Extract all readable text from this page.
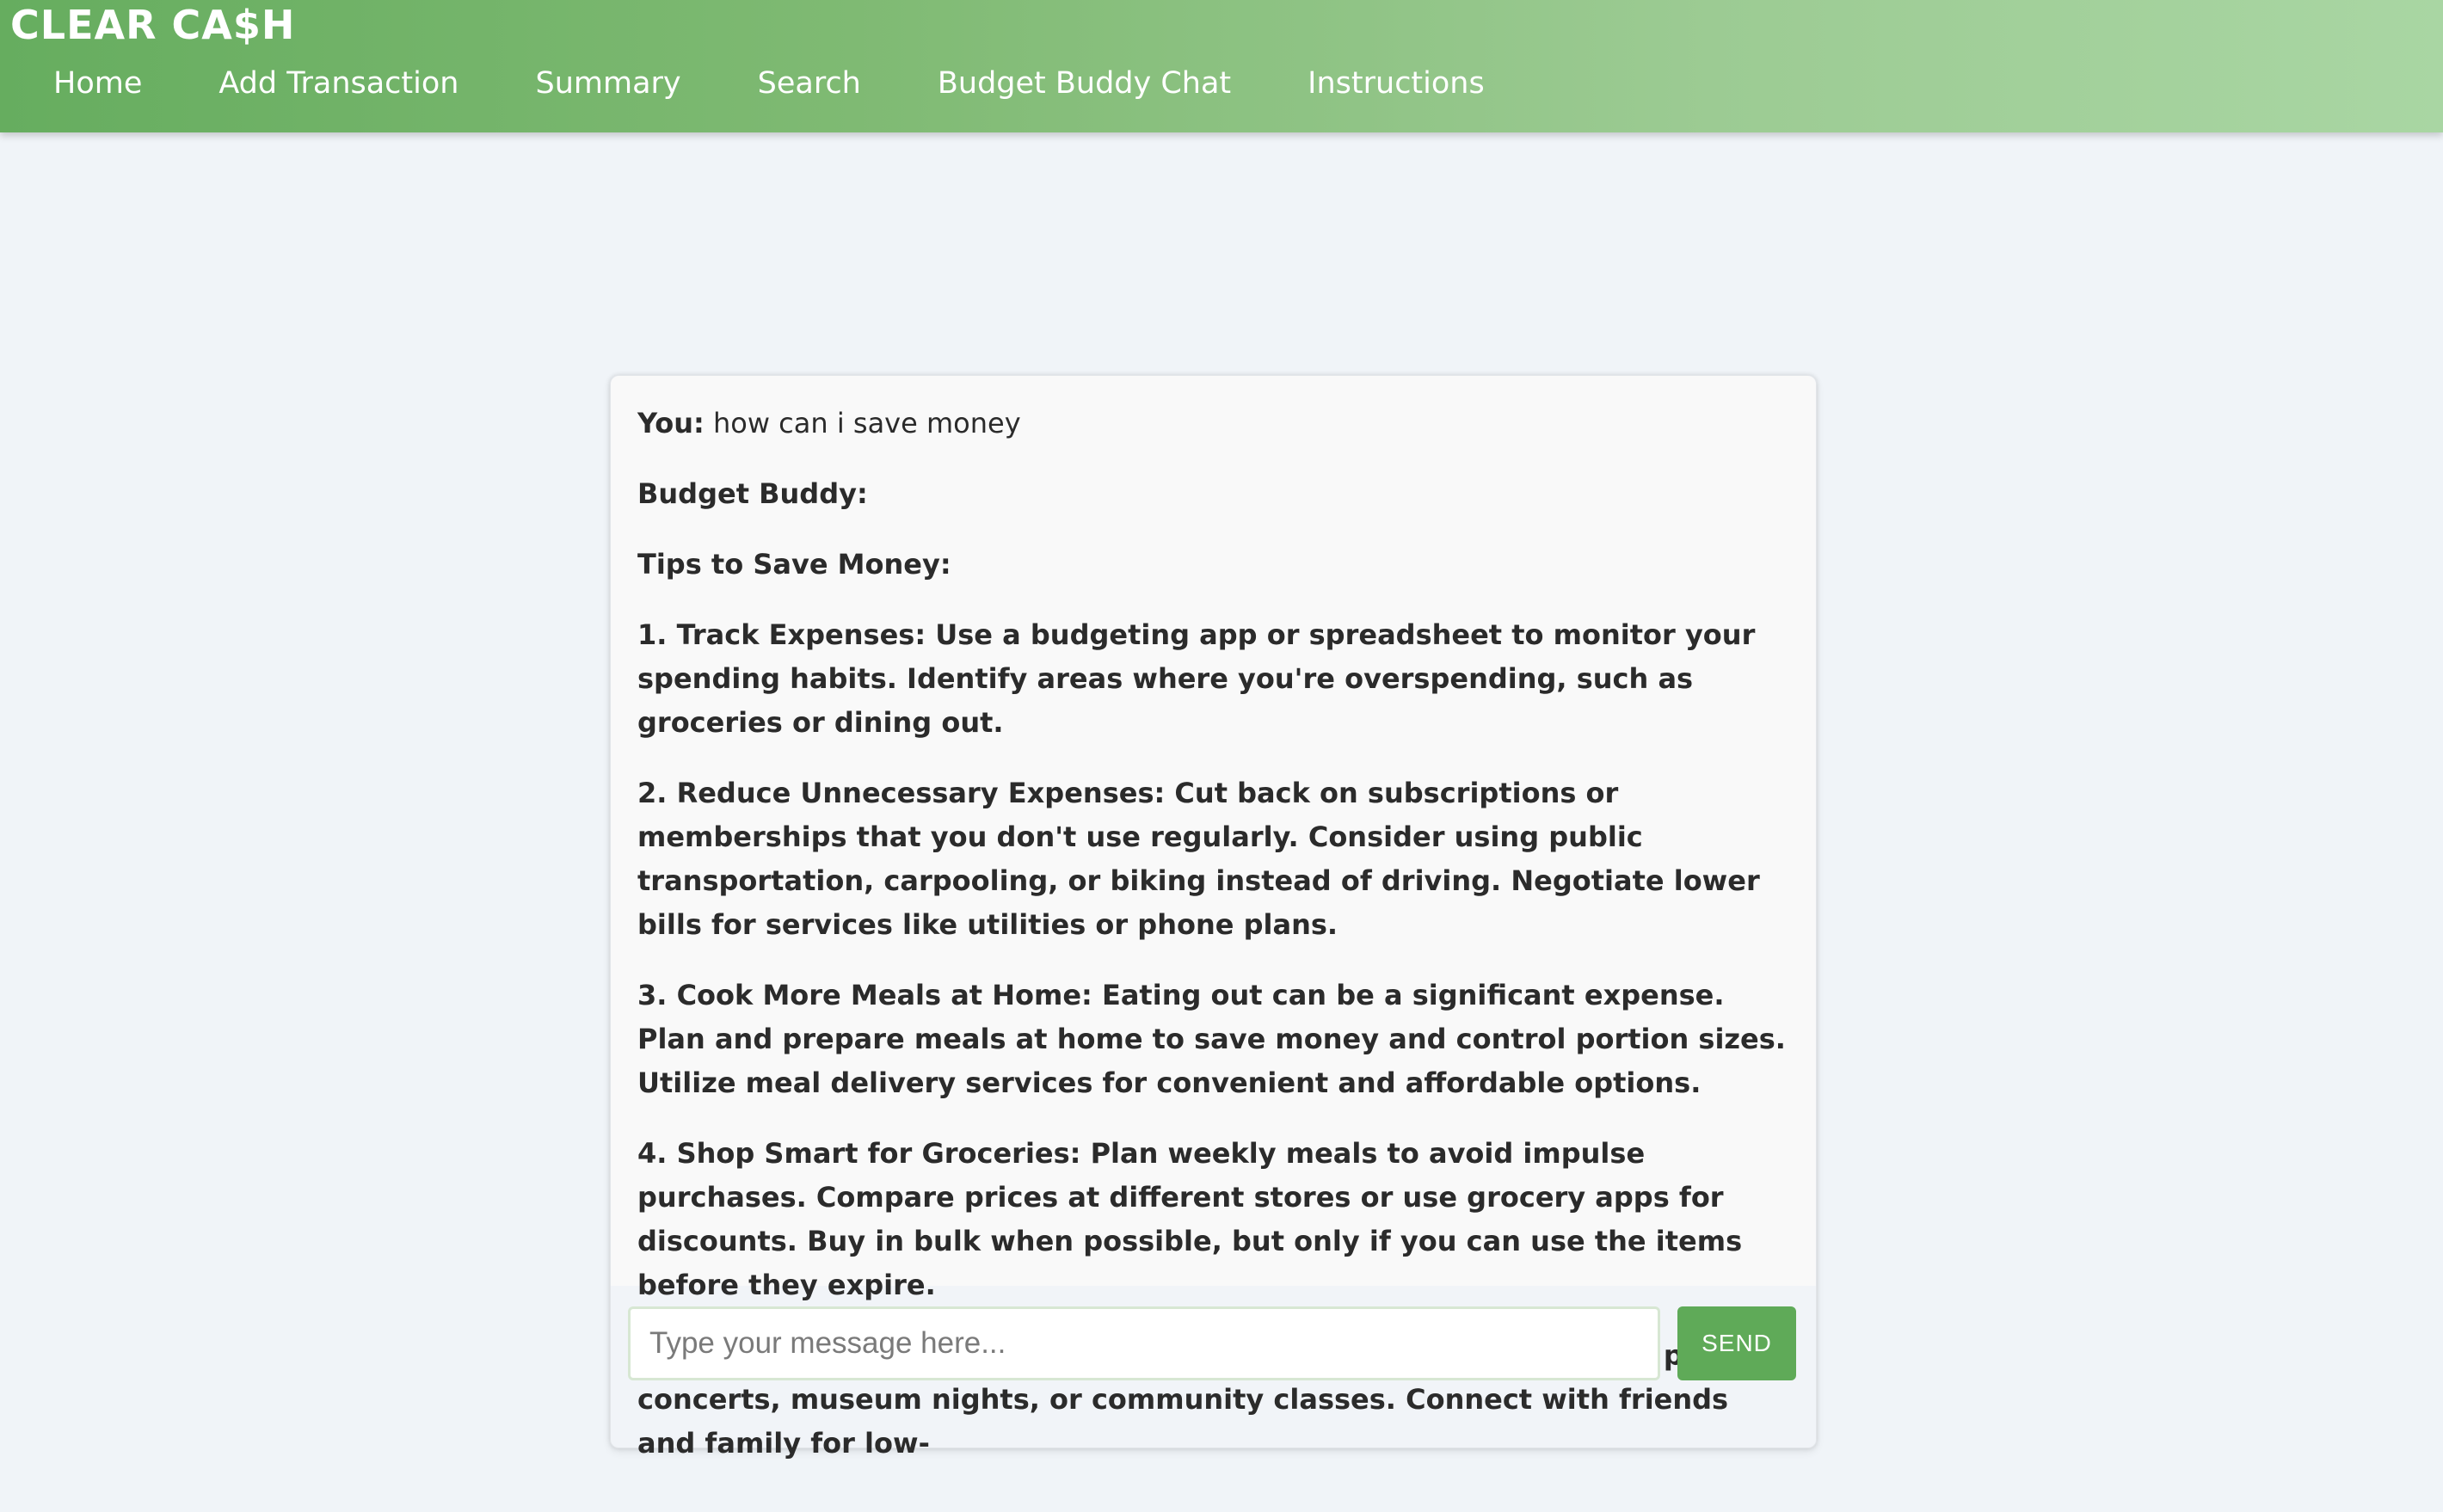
CLEAR CA$H
Home	Add Transaction	Summary	Search	Budget Buddy Chat	Instructions

You: how can i save money

Budget Buddy:

Tips to Save Money:

1. Track Expenses: Use a budgeting app or spreadsheet to monitor your spending habits. Identify areas where you're overspending, such as groceries or dining out.

2. Reduce Unnecessary Expenses: Cut back on subscriptions or memberships that you don't use regularly. Consider using public transportation, carpooling, or biking instead of driving. Negotiate lower bills for services like utilities or phone plans.

3. Cook More Meals at Home: Eating out can be a significant expense. Plan and prepare meals at home to save money and control portion sizes. Utilize meal delivery services for convenient and affordable options.

4. Shop Smart for Groceries: Plan weekly meals to avoid impulse purchases. Compare prices at different stores or use grocery apps for discounts. Buy in bulk when possible, but only if you can use the items before they expire.

concerts, museum nights, or community classes. Connect with friends and family for low-

Type your message here...
SEND
